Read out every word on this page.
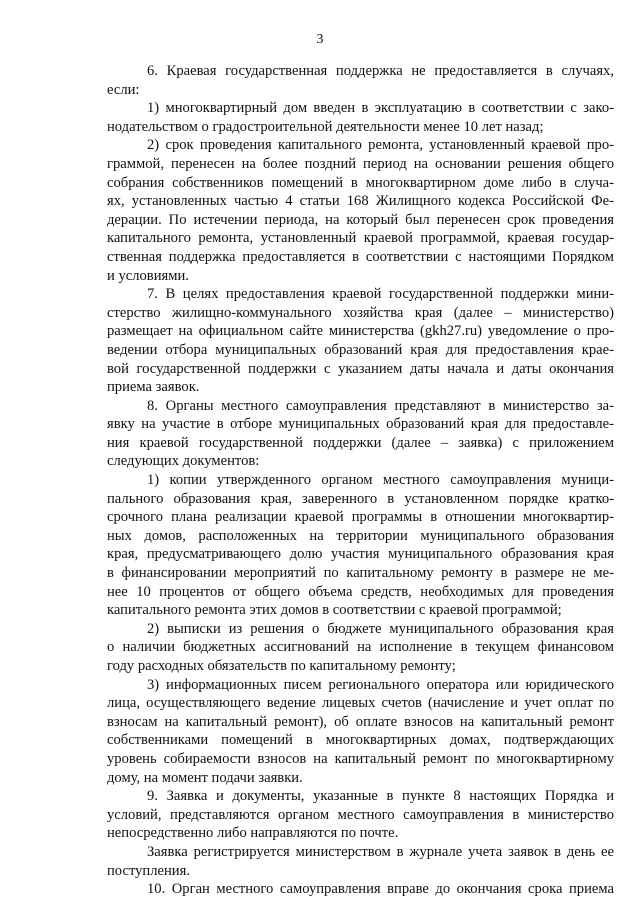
3
6. Краевая государственная поддержка не предоставляется в случаях,
если:
1) многоквартирный дом введен в эксплуатацию в соответствии с зако-
нодательством о градостроительной деятельности менее 10 лет назад;
2) срок проведения капитального ремонта, установленный краевой про-
граммой, перенесен на более поздний период на основании решения общего
собрания собственников помещений в многоквартирном доме либо в случа-
ях, установленных частью 4 статьи 168 Жилищного кодекса Российской Фе-
дерации. По истечении периода, на который был перенесен срок проведения
капитального ремонта, установленный краевой программой, краевая государ-
ственная поддержка предоставляется в соответствии с настоящими Порядком
и условиями.
7. В целях предоставления краевой государственной поддержки мини-
стерство жилищно-коммунального хозяйства края (далее – министерство)
размещает на официальном сайте министерства (gkh27.ru) уведомление о про-
ведении отбора муниципальных образований края для предоставления крае-
вой государственной поддержки с указанием даты начала и даты окончания
приема заявок.
8. Органы местного самоуправления представляют в министерство за-
явку на участие в отборе муниципальных образований края для предоставле-
ния краевой государственной поддержки (далее – заявка) с приложением
следующих документов:
1) копии утвержденного органом местного самоуправления муници-
пального образования края, заверенного в установленном порядке кратко-
срочного плана реализации краевой программы в отношении многоквартир-
ных домов, расположенных на территории муниципального образования
края, предусматривающего долю участия муниципального образования края
в финансировании мероприятий по капитальному ремонту в размере не ме-
нее 10 процентов от общего объема средств, необходимых для проведения
капитального ремонта этих домов в соответствии с краевой программой;
2) выписки из решения о бюджете муниципального образования края
о наличии бюджетных ассигнований на исполнение в текущем финансовом
году расходных обязательств по капитальному ремонту;
3) информационных писем регионального оператора или юридического
лица, осуществляющего ведение лицевых счетов (начисление и учет оплат по
взносам на капитальный ремонт), об оплате взносов на капитальный ремонт
собственниками помещений в многоквартирных домах, подтверждающих
уровень собираемости взносов на капитальный ремонт по многоквартирному
дому, на момент подачи заявки.
9. Заявка и документы, указанные в пункте 8 настоящих Порядка и
условий, представляются органом местного самоуправления в министерство
непосредственно либо направляются по почте.
Заявка регистрируется министерством в журнале учета заявок в день ее
поступления.
10. Орган местного самоуправления вправе до окончания срока приема
